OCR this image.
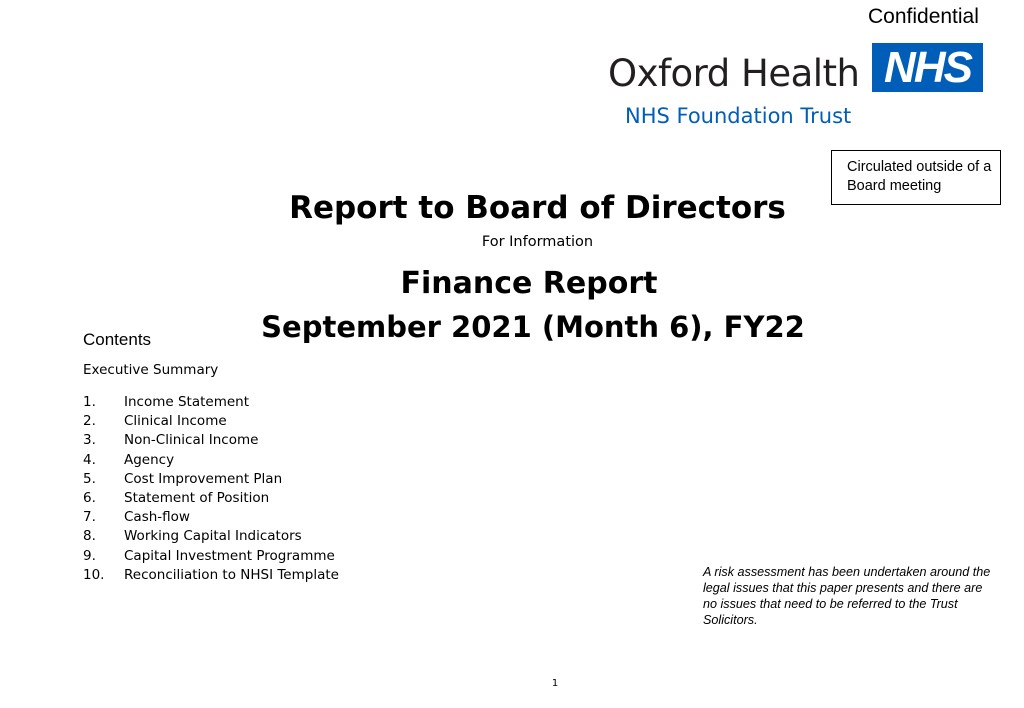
Confidential
Oxford Health
NHS Foundation Trust
NHS
Circulated outside of a Board meeting
Report to Board of Directors
For Information
Finance Report
September 2021 (Month 6), FY22
Contents
Executive Summary
1. Income Statement
2. Clinical Income
3. Non-Clinical Income
4. Agency
5. Cost Improvement Plan
6. Statement of Position
7. Cash-flow
8. Working Capital Indicators
9. Capital Investment Programme
10. Reconciliation to NHSI Template	A risk assessment has been undertaken around the legal issues that this paper presents and there are no issues that need to be referred to the Trust Solicitors.
1
